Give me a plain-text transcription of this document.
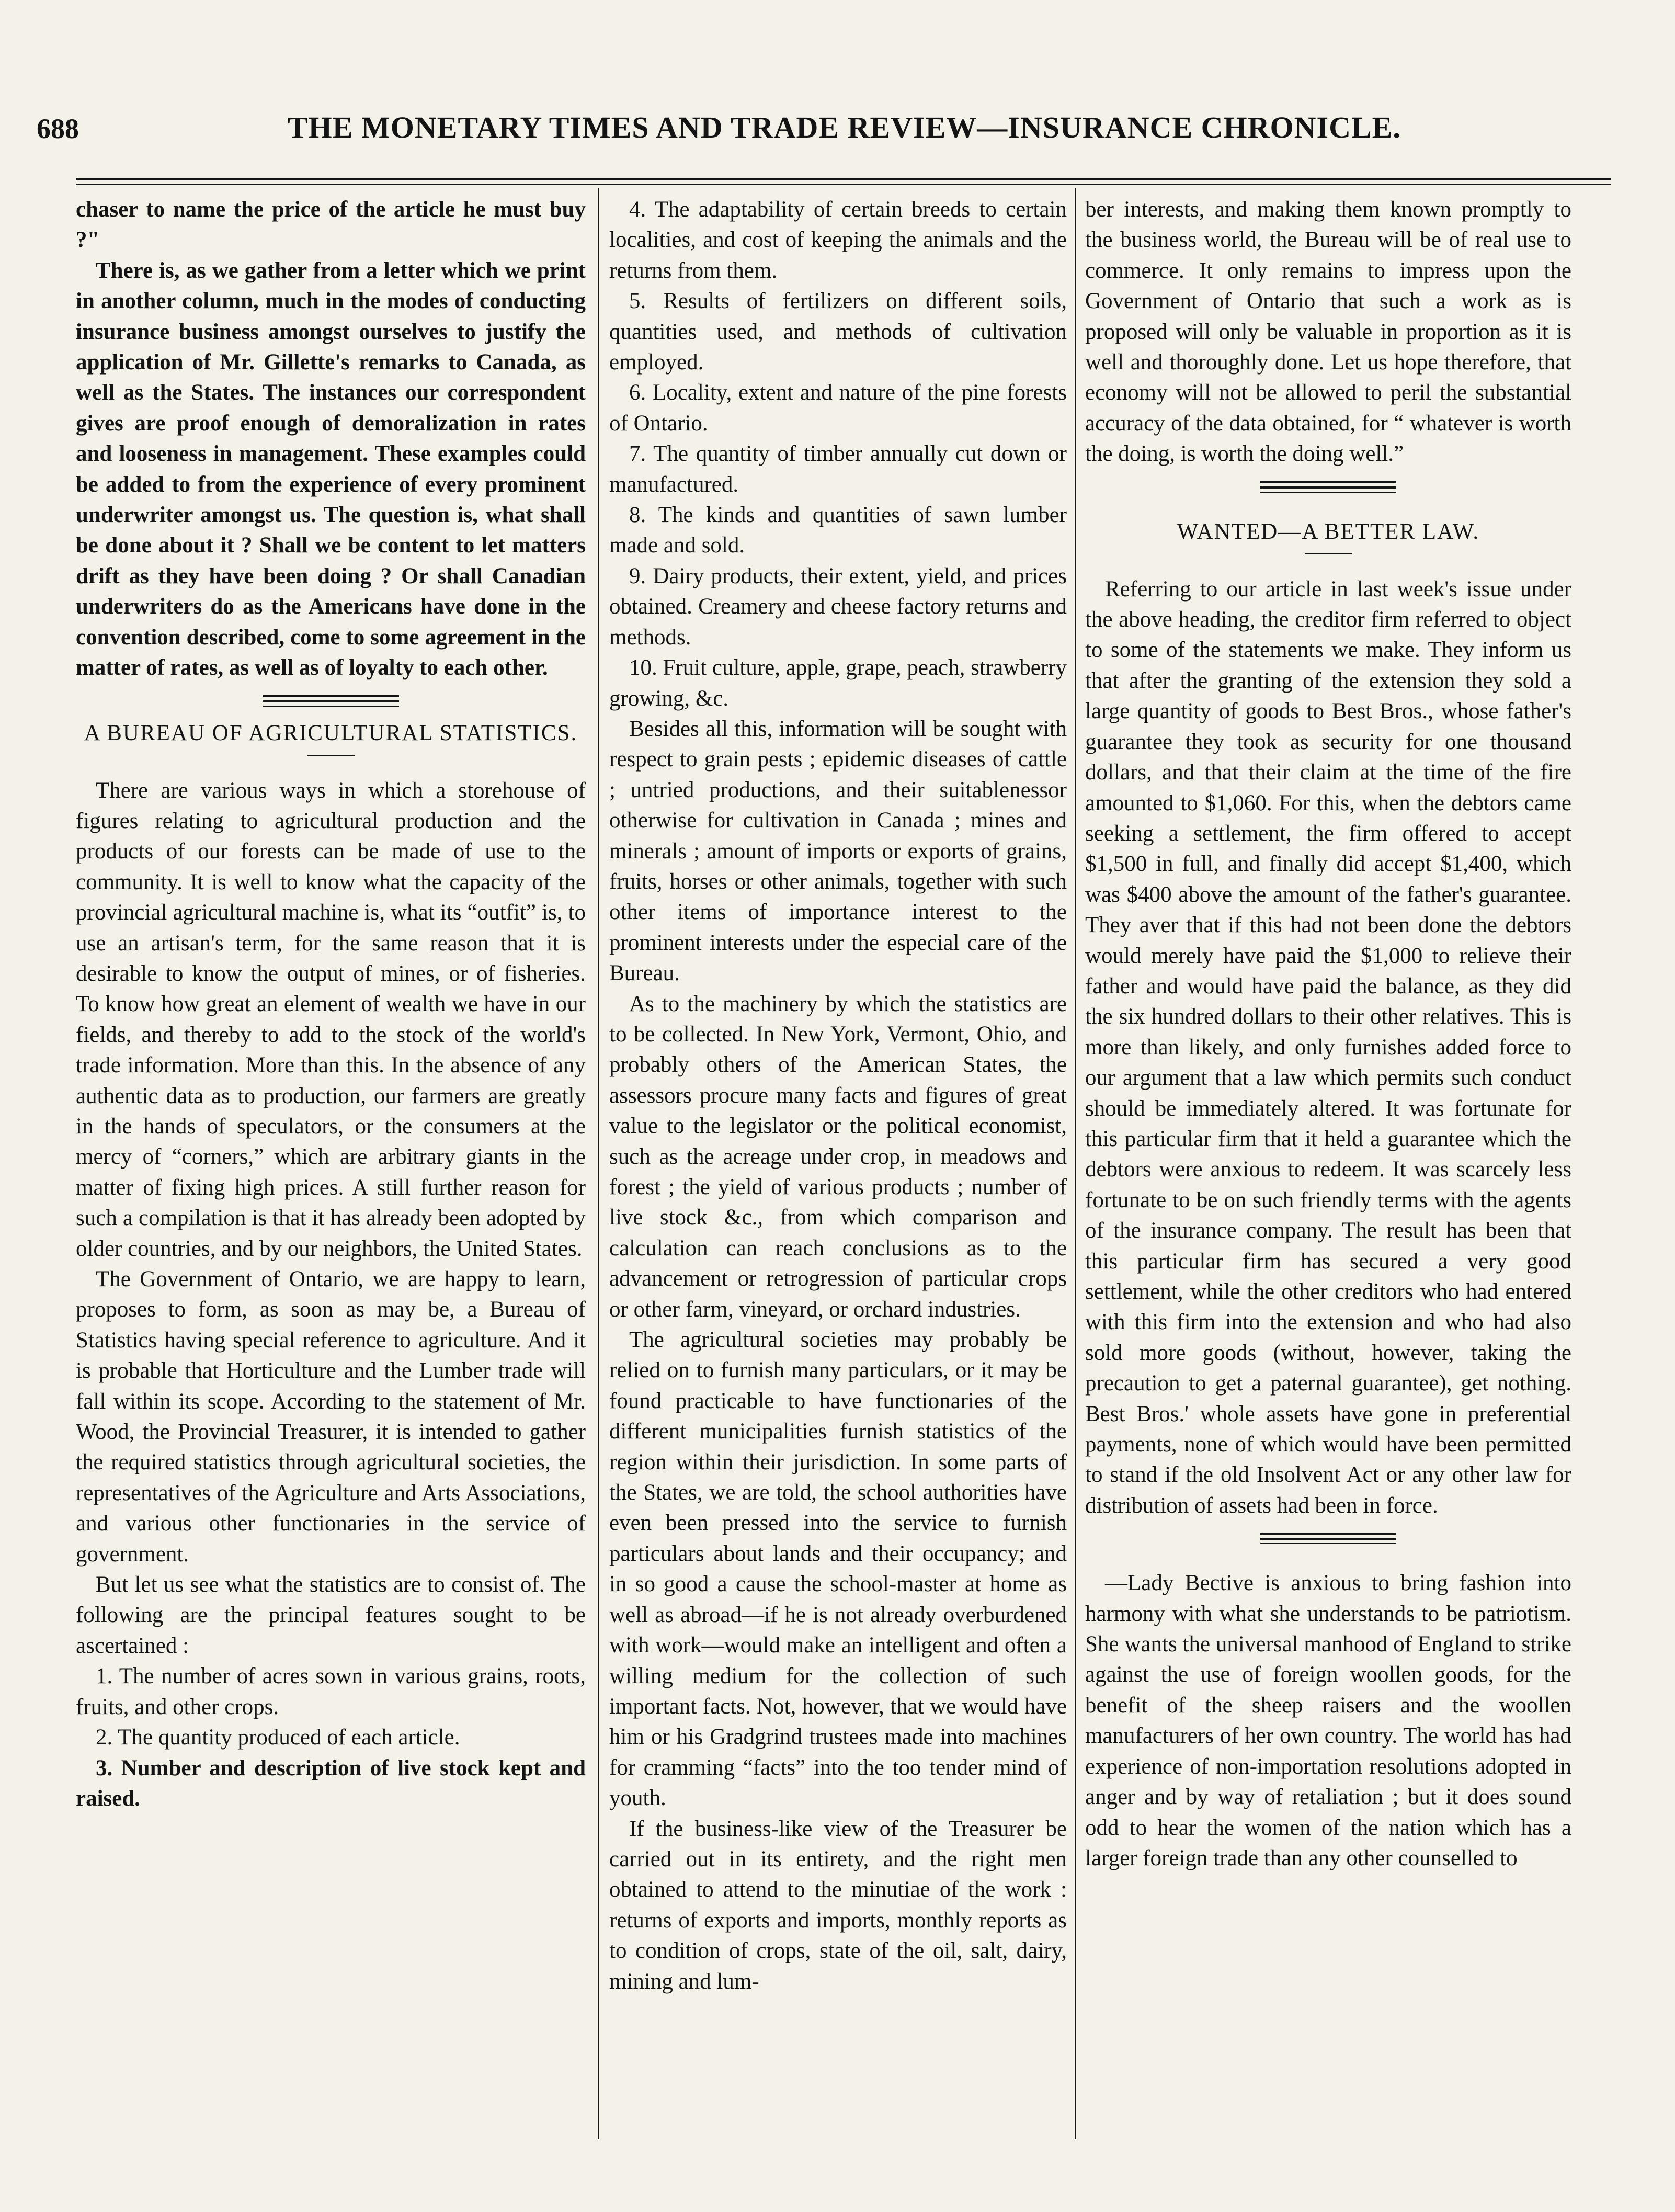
688	THE MONETARY TIMES AND TRADE REVIEW—INSURANCE CHRONICLE.

chaser to name the price of the article he must buy ?"

There is, as we gather from a letter which we print in another column, much in the modes of conducting insurance business amongst ourselves to justify the application of Mr. Gillette's remarks to Canada, as well as the States. The instances our correspondent gives are proof enough of demoralization in rates and looseness in management. These examples could be added to from the experience of every prominent underwriter amongst us. The question is, what shall be done about it ? Shall we be content to let matters drift as they have been doing ? Or shall Canadian underwriters do as the Americans have done in the convention described, come to some agreement in the matter of rates, as well as of loyalty to each other.

A BUREAU OF AGRICULTURAL STATISTICS.

There are various ways in which a storehouse of figures relating to agricultural production and the products of our forests can be made of use to the community. It is well to know what the capacity of the provincial agricultural machine is, what its “outfit” is, to use an artisan's term, for the same reason that it is desirable to know the output of mines, or of fisheries. To know how great an element of wealth we have in our fields, and thereby to add to the stock of the world's trade information. More than this. In the absence of any authentic data as to production, our farmers are greatly in the hands of speculators, or the consumers at the mercy of “corners,” which are arbitrary giants in the matter of fixing high prices. A still further reason for such a compilation is that it has already been adopted by older countries, and by our neighbors, the United States.

The Government of Ontario, we are happy to learn, proposes to form, as soon as may be, a Bureau of Statistics having special reference to agriculture. And it is probable that Horticulture and the Lumber trade will fall within its scope. According to the statement of Mr. Wood, the Provincial Treasurer, it is intended to gather the required statistics through agricultural societies, the representatives of the Agriculture and Arts Associations, and various other functionaries in the service of government.

But let us see what the statistics are to consist of. The following are the principal features sought to be ascertained :

1. The number of acres sown in various grains, roots, fruits, and other crops.

2. The quantity produced of each article.

3. Number and description of live stock kept and raised.

4. The adaptability of certain breeds to certain localities, and cost of keeping the animals and the returns from them.

5. Results of fertilizers on different soils, quantities used, and methods of cultivation employed.

6. Locality, extent and nature of the pine forests of Ontario.

7. The quantity of timber annually cut down or manufactured.

8. The kinds and quantities of sawn lumber made and sold.

9. Dairy products, their extent, yield, and prices obtained. Creamery and cheese factory returns and methods.

10. Fruit culture, apple, grape, peach, strawberry growing, &c.

Besides all this, information will be sought with respect to grain pests ; epidemic diseases of cattle ; untried productions, and their suitablenessor otherwise for cultivation in Canada ; mines and minerals ; amount of imports or exports of grains, fruits, horses or other animals, together with such other items of importance interest to the prominent interests under the especial care of the Bureau.

As to the machinery by which the statistics are to be collected. In New York, Vermont, Ohio, and probably others of the American States, the assessors procure many facts and figures of great value to the legislator or the political economist, such as the acreage under crop, in meadows and forest ; the yield of various products ; number of live stock &c., from which comparison and calculation can reach conclusions as to the advancement or retrogression of particular crops or other farm, vineyard, or orchard industries.

The agricultural societies may probably be relied on to furnish many particulars, or it may be found practicable to have functionaries of the different municipalities furnish statistics of the region within their jurisdiction. In some parts of the States, we are told, the school authorities have even been pressed into the service to furnish particulars about lands and their occupancy; and in so good a cause the school-master at home as well as abroad—if he is not already overburdened with work—would make an intelligent and often a willing medium for the collection of such important facts. Not, however, that we would have him or his Gradgrind trustees made into machines for cramming “facts” into the too tender mind of youth.

If the business-like view of the Treasurer be carried out in its entirety, and the right men obtained to attend to the minutiae of the work : returns of exports and imports, monthly reports as to condition of crops, state of the oil, salt, dairy, mining and lum-

ber interests, and making them known promptly to the business world, the Bureau will be of real use to commerce. It only remains to impress upon the Government of Ontario that such a work as is proposed will only be valuable in proportion as it is well and thoroughly done. Let us hope therefore, that economy will not be allowed to peril the substantial accuracy of the data obtained, for “ whatever is worth the doing, is worth the doing well.”

WANTED—A BETTER LAW.

Referring to our article in last week's issue under the above heading, the creditor firm referred to object to some of the statements we make. They inform us that after the granting of the extension they sold a large quantity of goods to Best Bros., whose father's guarantee they took as security for one thousand dollars, and that their claim at the time of the fire amounted to $1,060. For this, when the debtors came seeking a settlement, the firm offered to accept $1,500 in full, and finally did accept $1,400, which was $400 above the amount of the father's guarantee. They aver that if this had not been done the debtors would merely have paid the $1,000 to relieve their father and would have paid the balance, as they did the six hundred dollars to their other relatives. This is more than likely, and only furnishes added force to our argument that a law which permits such conduct should be immediately altered. It was fortunate for this particular firm that it held a guarantee which the debtors were anxious to redeem. It was scarcely less fortunate to be on such friendly terms with the agents of the insurance company. The result has been that this particular firm has secured a very good settlement, while the other creditors who had entered with this firm into the extension and who had also sold more goods (without, however, taking the precaution to get a paternal guarantee), get nothing. Best Bros.' whole assets have gone in preferential payments, none of which would have been permitted to stand if the old Insolvent Act or any other law for distribution of assets had been in force.

—Lady Bective is anxious to bring fashion into harmony with what she understands to be patriotism. She wants the universal manhood of England to strike against the use of foreign woollen goods, for the benefit of the sheep raisers and the woollen manufacturers of her own country. The world has had experience of non-importation resolutions adopted in anger and by way of retaliation ; but it does sound odd to hear the women of the nation which has a larger foreign trade than any other counselled to
